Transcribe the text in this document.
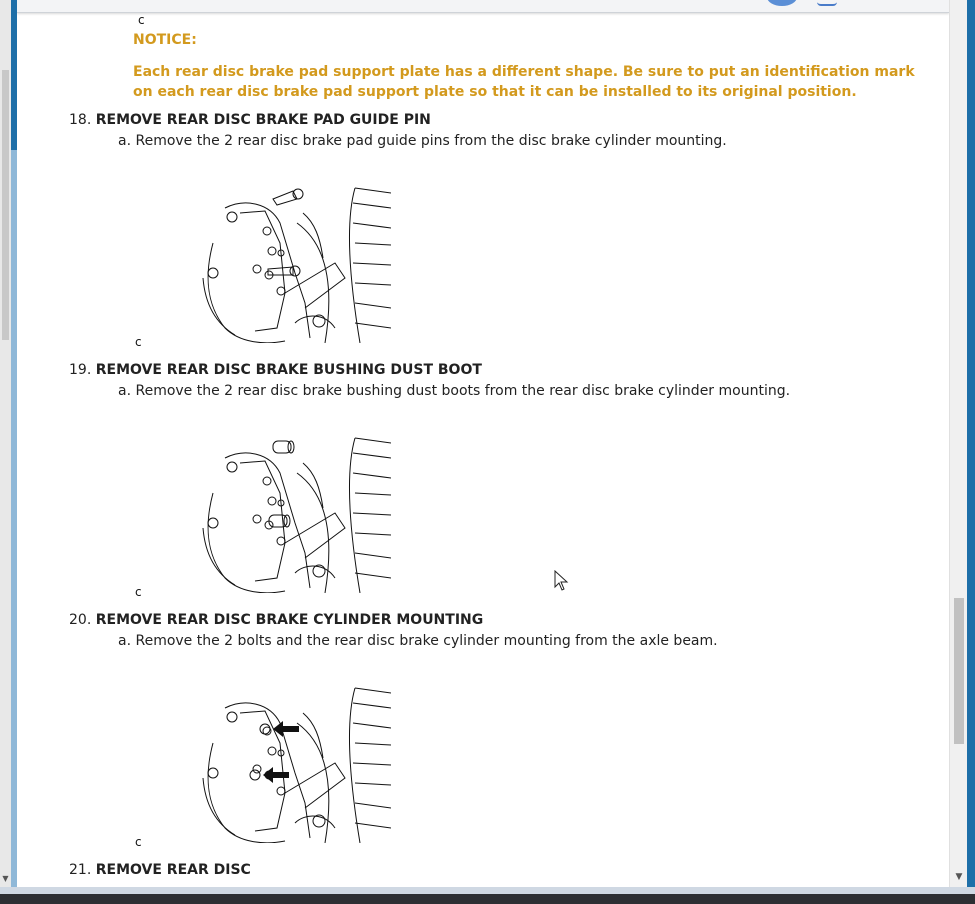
▼
c
NOTICE:
Each rear disc brake pad support plate has a different shape. Be sure to put an identification mark on each rear disc brake pad support plate so that it can be installed to its original position.
18. REMOVE REAR DISC BRAKE PAD GUIDE PIN
a. Remove the 2 rear disc brake pad guide pins from the disc brake cylinder mounting.
c
19. REMOVE REAR DISC BRAKE BUSHING DUST BOOT
a. Remove the 2 rear disc brake bushing dust boots from the rear disc brake cylinder mounting.
c
20. REMOVE REAR DISC BRAKE CYLINDER MOUNTING
a. Remove the 2 bolts and the rear disc brake cylinder mounting from the axle beam.
c
21. REMOVE REAR DISC	▼
